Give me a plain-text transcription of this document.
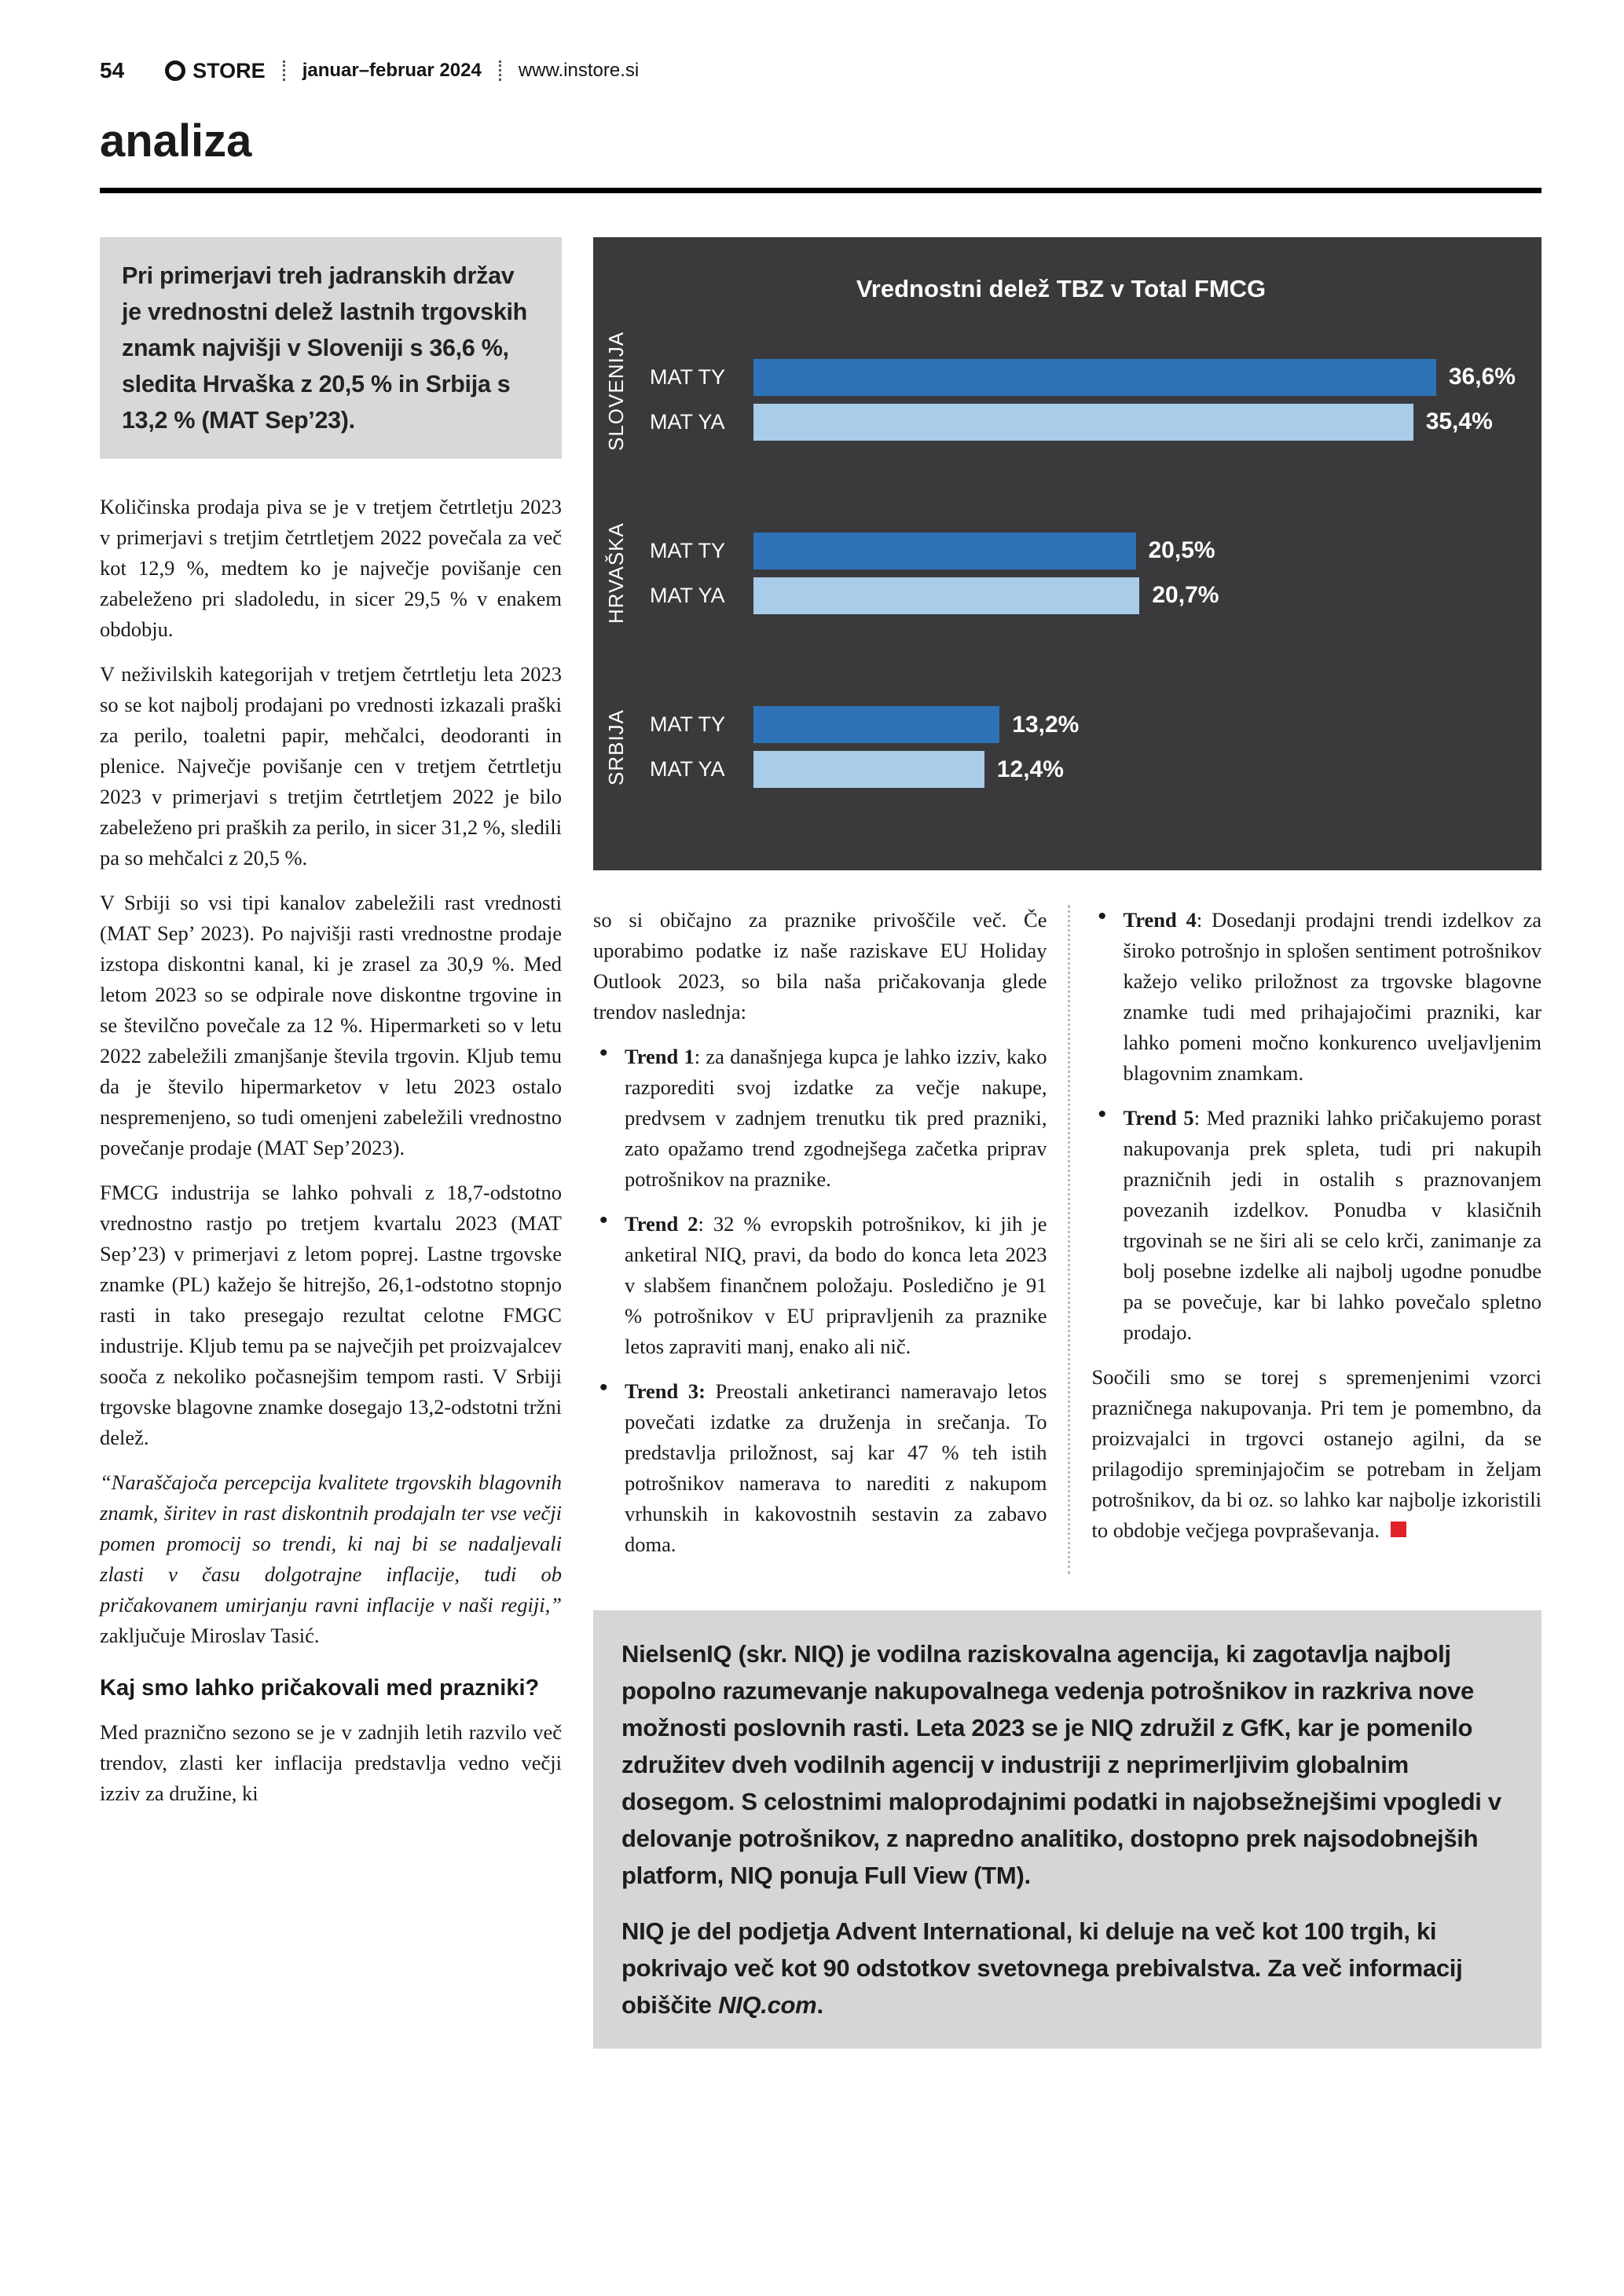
54	STORE januar–februar 2024 www.instore.si
analiza
Pri primerjavi treh jadranskih držav je vrednostni delež lastnih trgovskih znamk najvišji v Sloveniji s 36,6 %, sledita Hrvaška z 20,5 % in Srbija s 13,2 % (MAT Sep’23).

Količinska prodaja piva se je v tretjem četrtletju 2023 v primerjavi s tretjim četrtletjem 2022 povečala za več kot 12,9 %, medtem ko je največje povišanje cen zabeleženo pri sladoledu, in sicer 29,5 % v enakem obdobju.

V neživilskih kategorijah v tretjem četrtletju leta 2023 so se kot najbolj prodajani po vrednosti izkazali praški za perilo, toaletni papir, mehčalci, deodoranti in plenice. Največje povišanje cen v tretjem četrtletju 2023 v primerjavi s tretjim četrtletjem 2022 je bilo zabeleženo pri praških za perilo, in sicer 31,2 %, sledili pa so mehčalci z 20,5 %.

V Srbiji so vsi tipi kanalov zabeležili rast vrednosti (MAT Sep’ 2023). Po najvišji rasti vrednostne prodaje izstopa diskontni kanal, ki je zrasel za 30,9 %. Med letom 2023 so se odpirale nove diskontne trgovine in se številčno povečale za 12 %. Hipermarketi so v letu 2022 zabeležili zmanjšanje števila trgovin. Kljub temu da je število hipermarketov v letu 2023 ostalo nespremenjeno, so tudi omenjeni zabeležili vrednostno povečanje prodaje (MAT Sep’2023).

FMCG industrija se lahko pohvali z 18,7-odstotno vrednostno rastjo po tretjem kvartalu 2023 (MAT Sep’23) v primerjavi z letom poprej. Lastne trgovske znamke (PL) kažejo še hitrejšo, 26,1-odstotno stopnjo rasti in tako presegajo rezultat celotne FMGC industrije. Kljub temu pa se največjih pet proizvajalcev sooča z nekoliko počasnejšim tempom rasti. V Srbiji trgovske blagovne znamke dosegajo 13,2-odstotni tržni delež.

“Naraščajoča percepcija kvalitete trgovskih blagovnih znamk, širitev in rast diskontnih prodajaln ter vse večji pomen promocij so trendi, ki naj bi se nadaljevali zlasti v času dolgotrajne inflacije, tudi ob pričakovanem umirjanju ravni inflacije v naši regiji,” zaključuje Miroslav Tasić.

Kaj smo lahko pričakovali med prazniki?

Med praznično sezono se je v zadnjih letih razvilo več trendov, zlasti ker inflacija predstavlja vedno večji izziv za družine, ki

Vrednostni delež TBZ v Total FMCG
SLOVENIJA	MAT TY	36,6%
MAT YA	35,4%
HRVAŠKA	MAT TY	20,5%
MAT YA	20,7%
SRBIJA	MAT TY	13,2%
MAT YA	12,4%

so si običajno za praznike privoščile več. Če uporabimo podatke iz naše raziskave EU Holiday Outlook 2023, so bila naša pričakovanja glede trendov naslednja:

• Trend 1: za današnjega kupca je lahko izziv, kako razporediti svoj izdatke za večje nakupe, predvsem v zadnjem trenutku tik pred prazniki, zato opažamo trend zgodnejšega začetka priprav potrošnikov na praznike.

• Trend 2: 32 % evropskih potrošnikov, ki jih je anketiral NIQ, pravi, da bodo do konca leta 2023 v slabšem finančnem položaju. Posledično je 91 % potrošnikov v EU pripravljenih za praznike letos zapraviti manj, enako ali nič.

• Trend 3: Preostali anketiranci nameravajo letos povečati izdatke za druženja in srečanja. To predstavlja priložnost, saj kar 47 % teh istih potrošnikov namerava to narediti z nakupom vrhunskih in kakovostnih sestavin za zabavo doma.

• Trend 4: Dosedanji prodajni trendi izdelkov za široko potrošnjo in splošen sentiment potrošnikov kažejo veliko priložnost za trgovske blagovne znamke tudi med prihajajočimi prazniki, kar lahko pomeni močno konkurenco uveljavljenim blagovnim znamkam.

• Trend 5: Med prazniki lahko pričakujemo porast nakupovanja prek spleta, tudi pri nakupih prazničnih jedi in ostalih s praznovanjem povezanih izdelkov. Ponudba v klasičnih trgovinah se ne širi ali se celo krči, zanimanje za bolj posebne izdelke ali najbolj ugodne ponudbe pa se povečuje, kar bi lahko povečalo spletno prodajo.

Soočili smo se torej s spremenjenimi vzorci prazničnega nakupovanja. Pri tem je pomembno, da proizvajalci in trgovci ostanejo agilni, da se prilagodijo spreminjajočim se potrebam in željam potrošnikov, da bi oz. so lahko kar najbolje izkoristili to obdobje večjega povpraševanja.

NielsenIQ (skr. NIQ) je vodilna raziskovalna agencija, ki zagotavlja najbolj popolno razumevanje nakupovalnega vedenja potrošnikov in razkriva nove možnosti poslovnih rasti. Leta 2023 se je NIQ združil z GfK, kar je pomenilo združitev dveh vodilnih agencij v industriji z neprimerljivim globalnim dosegom. S celostnimi maloprodajnimi podatki in najobsežnejšimi vpogledi v delovanje potrošnikov, z napredno analitiko, dostopno prek najsodobnejših platform, NIQ ponuja Full View (TM).

NIQ je del podjetja Advent International, ki deluje na več kot 100 trgih, ki pokrivajo več kot 90 odstotkov svetovnega prebivalstva. Za več informacij obiščite NIQ.com.
